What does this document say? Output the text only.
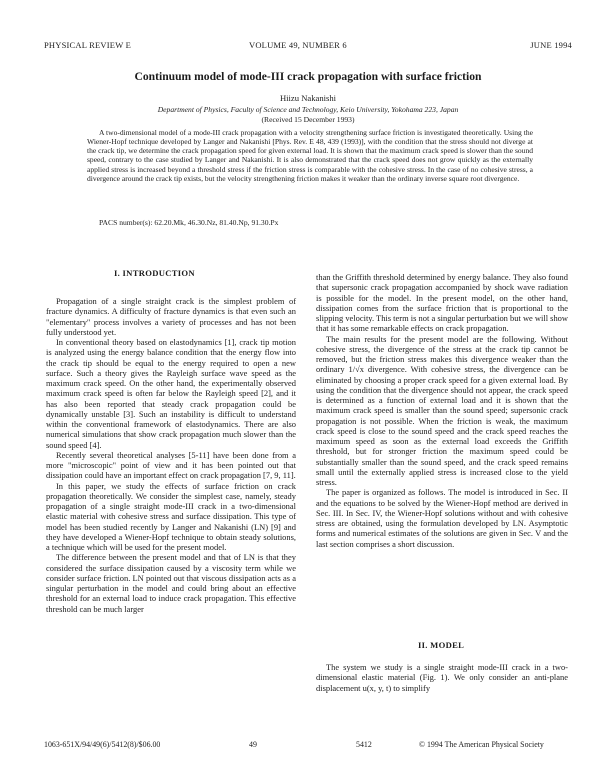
PHYSICAL REVIEW E	VOLUME 49, NUMBER 6	JUNE 1994
Continuum model of mode-III crack propagation with surface friction
Hiizu Nakanishi
Department of Physics, Faculty of Science and Technology, Keio University, Yokohama 223, Japan
(Received 15 December 1993)
A two-dimensional model of a mode-III crack propagation with a velocity strengthening surface friction is investigated theoretically. Using the Wiener-Hopf technique developed by Langer and Nakanishi [Phys. Rev. E 48, 439 (1993)], with the condition that the stress should not diverge at the crack tip, we determine the crack propagation speed for given external load. It is shown that the maximum crack speed is slower than the sound speed, contrary to the case studied by Langer and Nakanishi. It is also demonstrated that the crack speed does not grow quickly as the externally applied stress is increased beyond a threshold stress if the friction stress is comparable with the cohesive stress. In the case of no cohesive stress, a divergence around the crack tip exists, but the velocity strengthening friction makes it weaker than the ordinary inverse square root divergence.
PACS number(s): 62.20.Mk, 46.30.Nz, 81.40.Np, 91.30.Px
I. INTRODUCTION

Propagation of a single straight crack is the simplest problem of fracture dynamics. A difficulty of fracture dynamics is that even such an "elementary" process involves a variety of processes and has not been fully understood yet.

In conventional theory based on elastodynamics [1], crack tip motion is analyzed using the energy balance condition that the energy flow into the crack tip should be equal to the energy required to open a new surface. Such a theory gives the Rayleigh surface wave speed as the maximum crack speed. On the other hand, the experimentally observed maximum crack speed is often far below the Rayleigh speed [2], and it has also been reported that steady crack propagation could be dynamically unstable [3]. Such an instability is difficult to understand within the conventional framework of elastodynamics. There are also numerical simulations that show crack propagation much slower than the sound speed [4].

Recently several theoretical analyses [5-11] have been done from a more "microscopic" point of view and it has been pointed out that dissipation could have an important effect on crack propagation [7, 9, 11].

In this paper, we study the effects of surface friction on crack propagation theoretically. We consider the simplest case, namely, steady propagation of a single straight mode-III crack in a two-dimensional elastic material with cohesive stress and surface dissipation. This type of model has been studied recently by Langer and Nakanishi (LN) [9] and they have developed a Wiener-Hopf technique to obtain steady solutions, a technique which will be used for the present model.

The difference between the present model and that of LN is that they considered the surface dissipation caused by a viscosity term while we consider surface friction. LN pointed out that viscous dissipation acts as a singular perturbation in the model and could bring about an effective threshold for an external load to induce crack propagation. This effective threshold can be much larger

than the Griffith threshold determined by energy balance. They also found that supersonic crack propagation accompanied by shock wave radiation is possible for the model. In the present model, on the other hand, dissipation comes from the surface friction that is proportional to the slipping velocity. This term is not a singular perturbation but we will show that it has some remarkable effects on crack propagation.

The main results for the present model are the following. Without cohesive stress, the divergence of the stress at the crack tip cannot be removed, but the friction stress makes this divergence weaker than the ordinary 1/√x divergence. With cohesive stress, the divergence can be eliminated by choosing a proper crack speed for a given external load. By using the condition that the divergence should not appear, the crack speed is determined as a function of external load and it is shown that the maximum crack speed is smaller than the sound speed; supersonic crack propagation is not possible. When the friction is weak, the maximum crack speed is close to the sound speed and the crack speed reaches the maximum speed as soon as the external load exceeds the Griffith threshold, but for stronger friction the maximum speed could be substantially smaller than the sound speed, and the crack speed remains small until the externally applied stress is increased close to the yield stress.

The paper is organized as follows. The model is introduced in Sec. II and the equations to be solved by the Wiener-Hopf method are derived in Sec. III. In Sec. IV, the Wiener-Hopf solutions without and with cohesive stress are obtained, using the formulation developed by LN. Asymptotic forms and numerical estimates of the solutions are given in Sec. V and the last section comprises a short discussion.

II. MODEL
The system we study is a single straight mode-III crack in a two-dimensional elastic material (Fig. 1). We only consider an anti-plane displacement u(x, y, t) to simplify
1063-651X/94/49(6)/5412(8)/$06.00	49	5412	© 1994 The American Physical Society
